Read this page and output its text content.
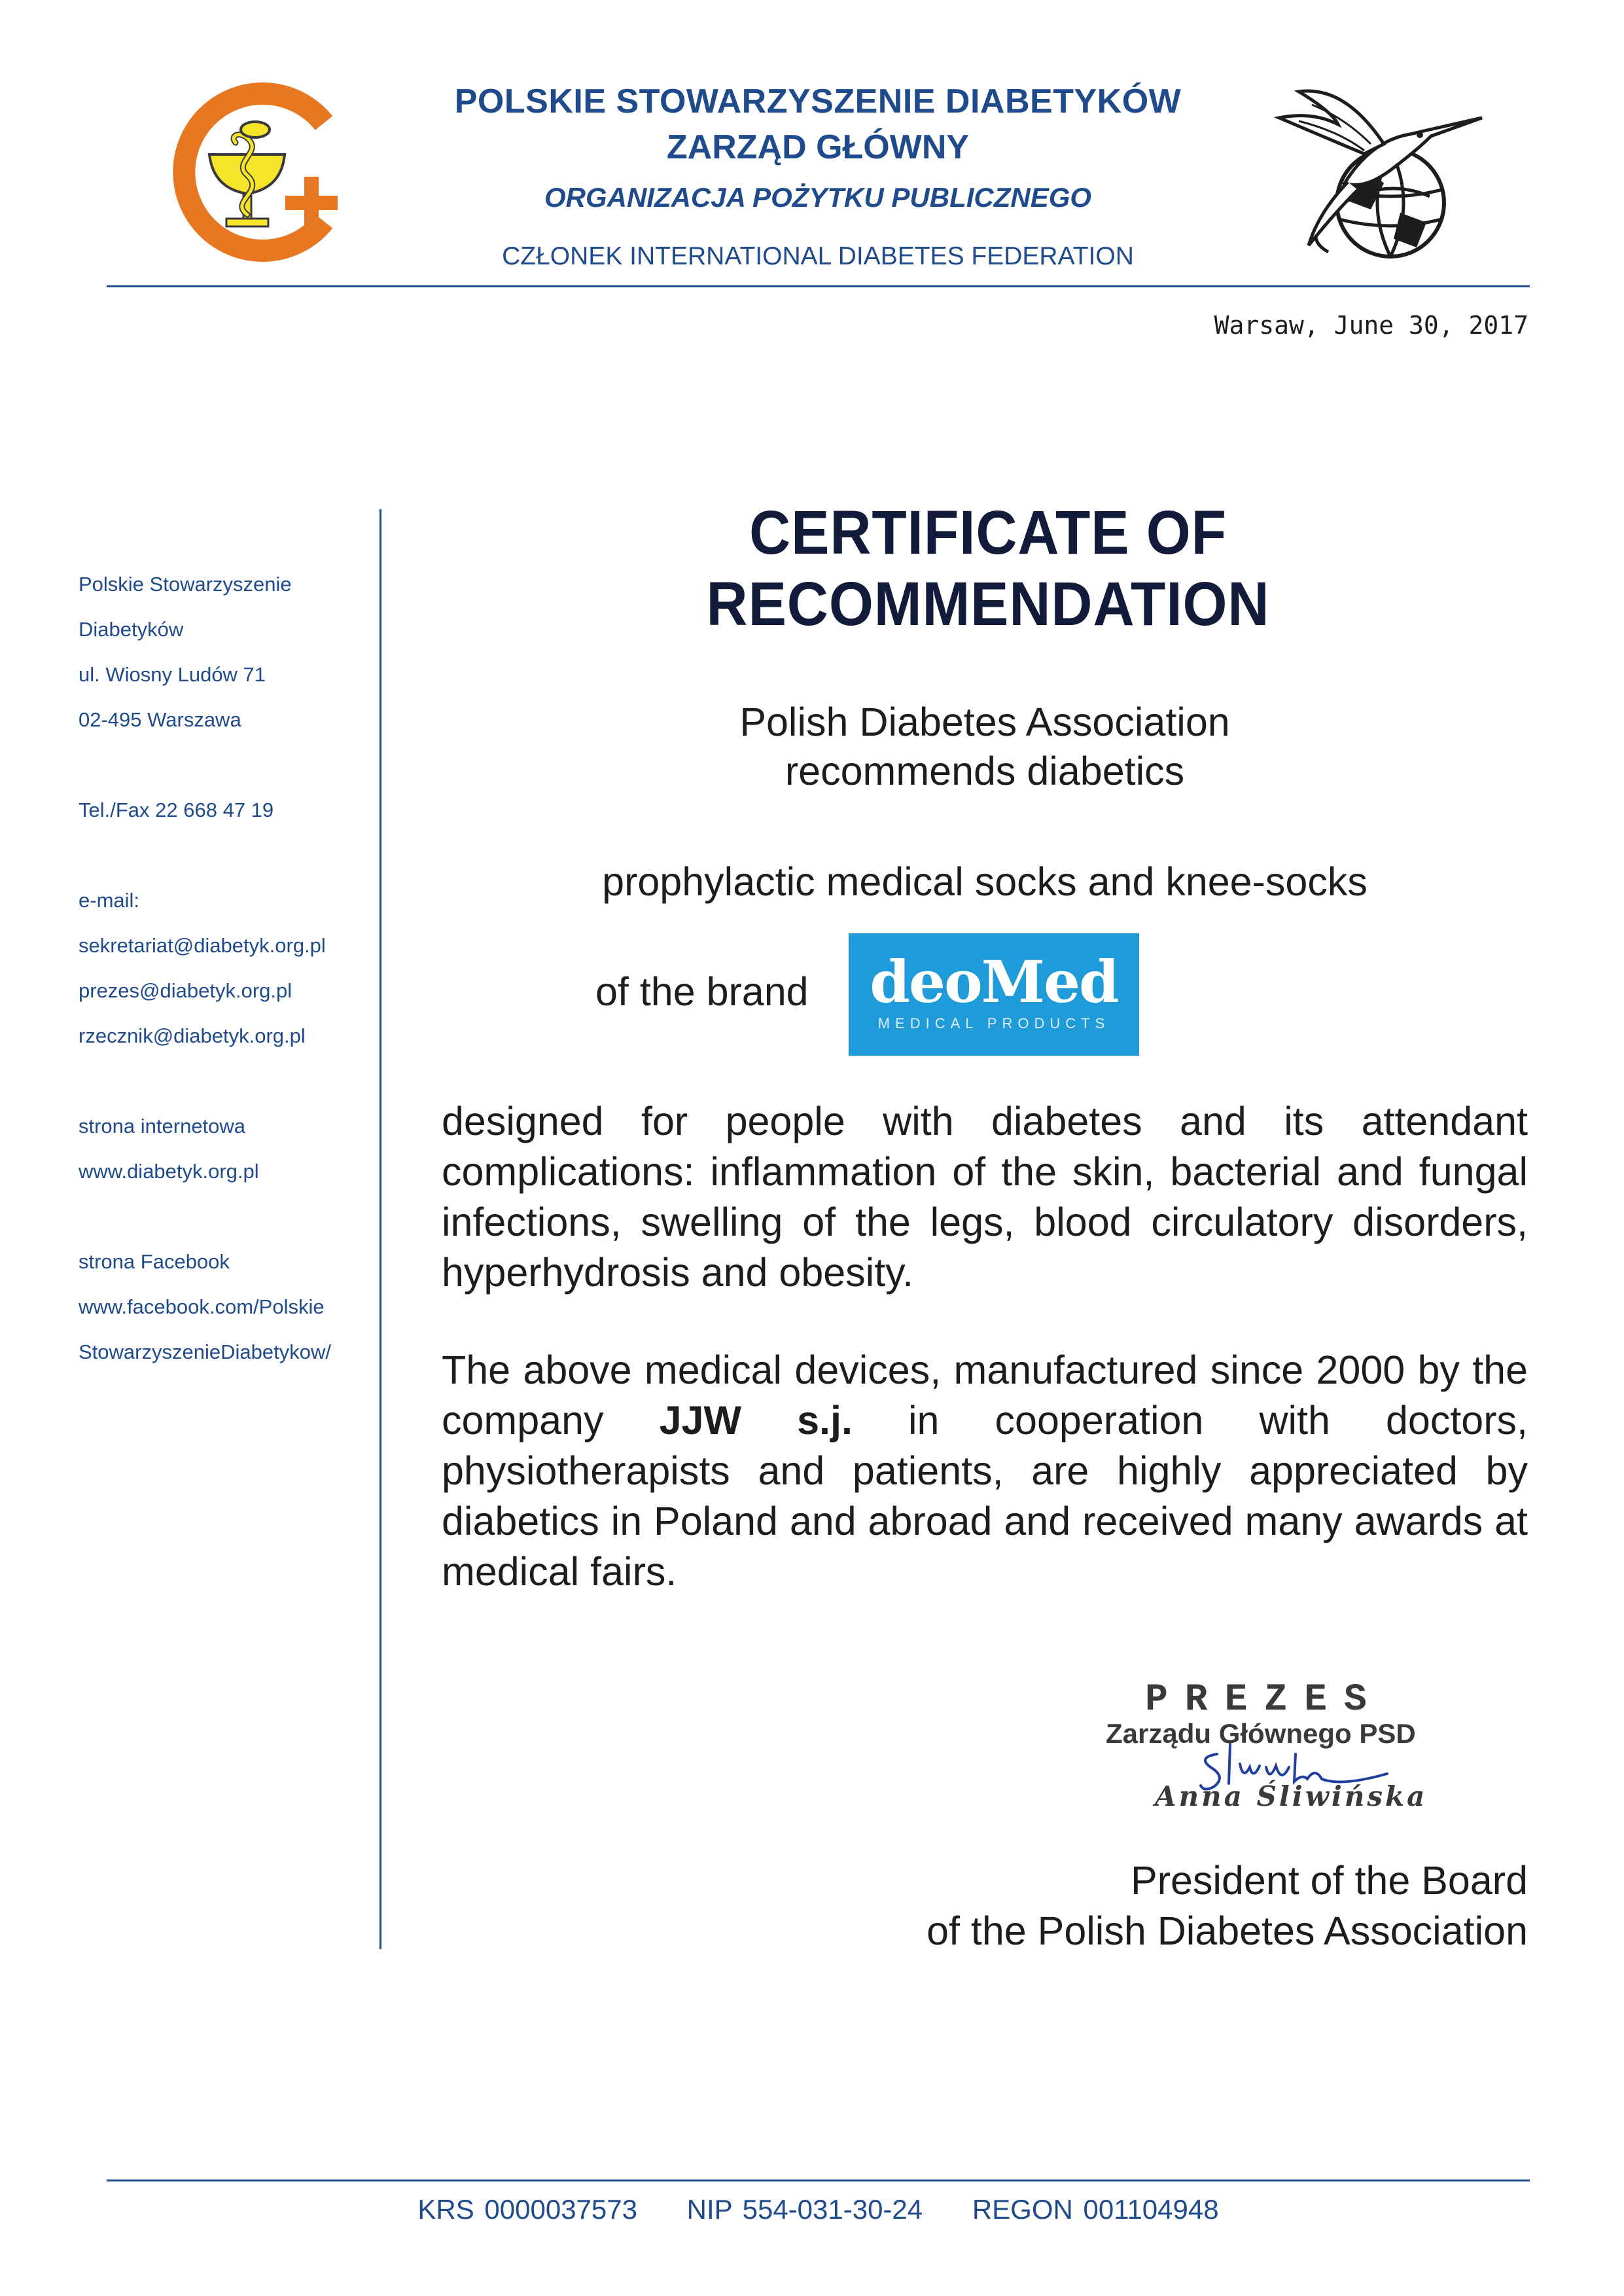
POLSKIE STOWARZYSZENIE DIABETYKÓW
ZARZĄD GŁÓWNY
ORGANIZACJA POŻYTKU PUBLICZNEGO
CZŁONEK INTERNATIONAL DIABETES FEDERATION
Warsaw, June 30, 2017
Polskie Stowarzyszenie
Diabetyków
ul. Wiosny Ludów 71
02-495 Warszawa
Tel./Fax 22 668 47 19
e-mail:
sekretariat@diabetyk.org.pl
prezes@diabetyk.org.pl
rzecznik@diabetyk.org.pl
strona internetowa
www.diabetyk.org.pl
strona Facebook
www.facebook.com/Polskie
StowarzyszenieDiabetykow/
CERTIFICATE OF RECOMMENDATION
Polish Diabetes Association
recommends diabetics
prophylactic medical socks and knee-socks
of the brand	deoMed
MEDICAL PRODUCTS
designed for people with diabetes and its attendant complications: inflammation of the skin, bacterial and fungal infections, swelling of the legs, blood circulatory disorders, hyperhydrosis and obesity.
The above medical devices, manufactured since 2000 by the company JJW s.j. in cooperation with doctors, physiotherapists and patients, are highly appreciated by diabetics in Poland and abroad and received many awards at medical fairs.
PREZES
Zarządu Głównego PSD
Anna Śliwińska
President of the Board
of the Polish Diabetes Association
KRS 0000037573 NIP 554-031-30-24 REGON 001104948
